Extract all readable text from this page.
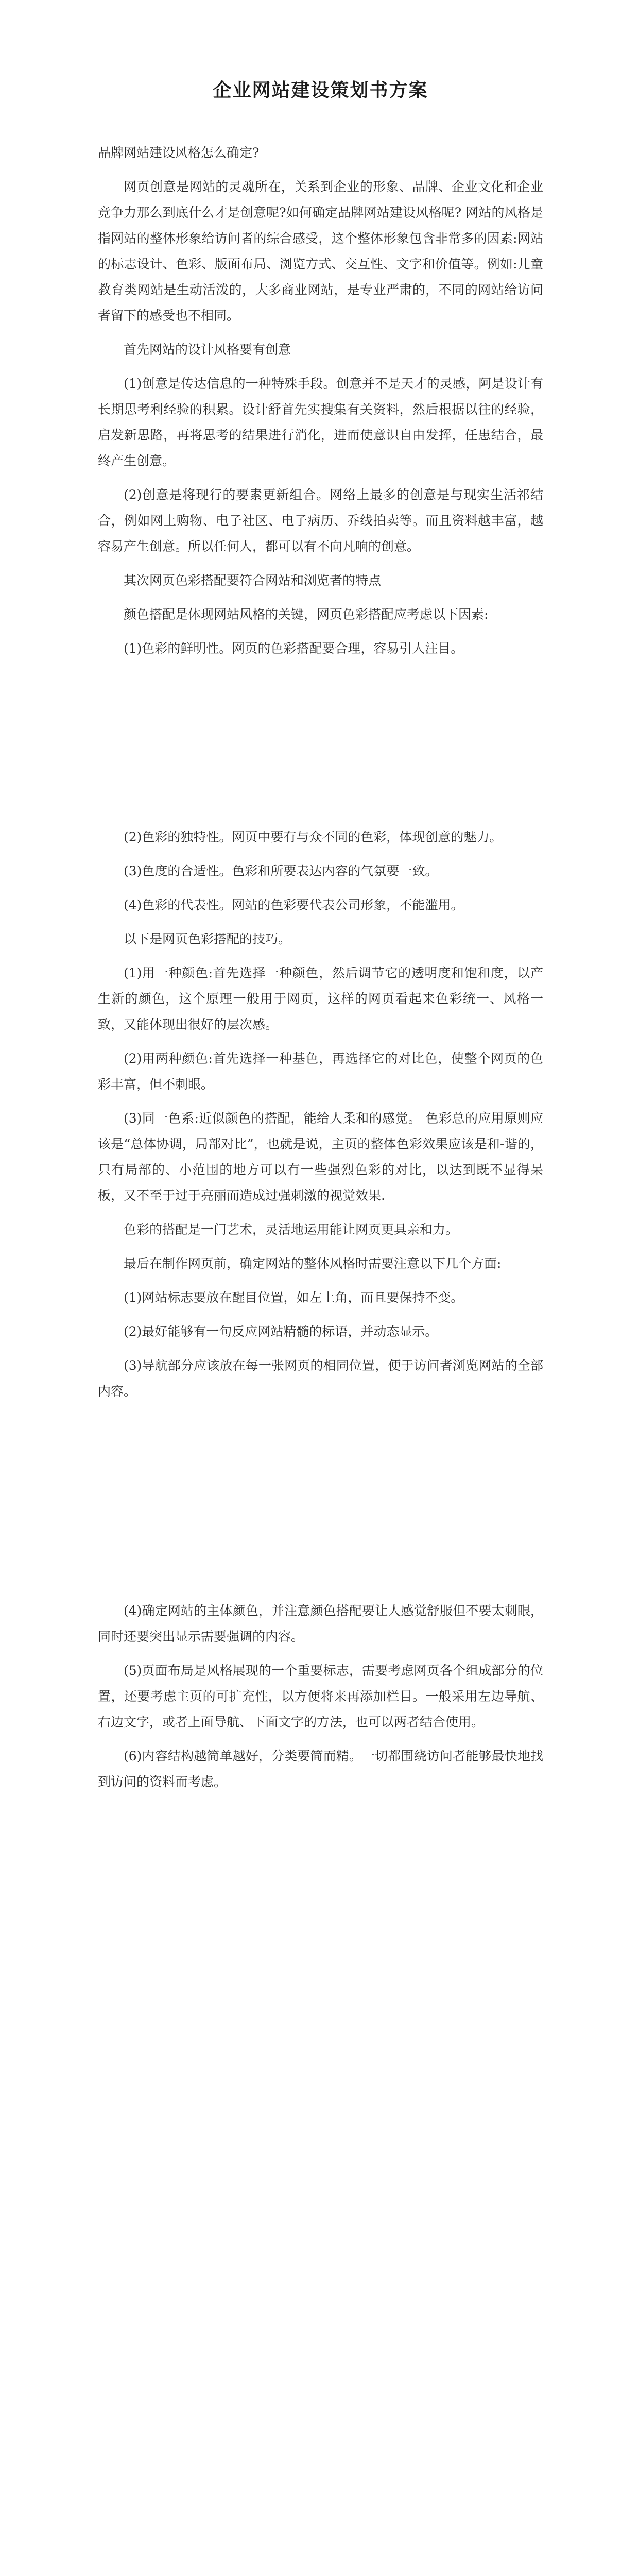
企业网站建设策划书方案

品牌网站建设风格怎么确定?

网页创意是网站的灵魂所在，关系到企业的形象、品牌、企业文化和企业竞争力那么到底什么才是创意呢?如何确定品牌网站建设风格呢? 网站的风格是指网站的整体形象给访问者的综合感受，这个整体形象包含非常多的因素:网站的标志设计、色彩、版面布局、浏览方式、交互性、文字和价值等。例如:儿童教育类网站是生动活泼的，大多商业网站，是专业严肃的，不同的网站给访问者留下的感受也不相同。

首先网站的设计风格要有创意

(1)创意是传达信息的一种特殊手段。创意并不是天才的灵感，阿是设计有长期思考利经验的积累。设计舒首先实搜集有关资料，然后根据以往的经验，启发新思路，再将思考的结果进行消化，进而使意识自由发挥，任患结合，最终产生创意。

(2)创意是将现行的要素更新组合。网络上最多的创意是与现实生活祁结合，例如网上购物、电子社区、电子病历、乔线拍卖等。而且资料越丰富，越容易产生创意。所以任何人，都可以有不向凡响的创意。

其次网页色彩搭配要符合网站和浏览者的特点

颜色搭配是体现网站风格的关键，网页色彩搭配应考虑以下因素:

(1)色彩的鲜明性。网页的色彩搭配要合理，容易引人注目。

(2)色彩的独特性。网页中要有与众不同的色彩，体现创意的魅力。

(3)色度的合适性。色彩和所要表达内容的气氛要一致。

(4)色彩的代表性。网站的色彩要代表公司形象，不能滥用。

以下是网页色彩搭配的技巧。

(1)用一种颜色:首先选择一种颜色，然后调节它的透明度和饱和度，以产生新的颜色，这个原理一般用于网页，这样的网页看起来色彩统一、风格一致，又能体现出很好的层次感。

(2)用两种颜色:首先选择一种基色，再选择它的对比色，使整个网页的色彩丰富，但不刺眼。

(3)同一色系:近似颜色的搭配，能给人柔和的感觉。 色彩总的应用原则应该是“总体协调，局部对比”，也就是说，主页的整体色彩效果应该是和-谐的，只有局部的、小范围的地方可以有一些强烈色彩的对比，以达到既不显得呆板，又不至于过于亮丽而造成过强刺激的视觉效果.

色彩的搭配是一门艺术，灵活地运用能让网页更具亲和力。

最后在制作网页前，确定网站的整体风格时需要注意以下几个方面:

(1)网站标志要放在醒目位置，如左上角，而且要保持不变。

(2)最好能够有一句反应网站精髓的标语，并动态显示。

(3)导航部分应该放在每一张网页的相同位置，便于访问者浏览网站的全部内容。

(4)确定网站的主体颜色，并注意颜色搭配要让人感觉舒服但不要太刺眼，同时还要突出显示需要强调的内容。

(5)页面布局是风格展现的一个重要标志，需要考虑网页各个组成部分的位置，还要考虑主页的可扩充性，以方便将来再添加栏目。一般采用左边导航、右边文字，或者上面导航、下面文字的方法，也可以两者结合使用。

(6)内容结构越简单越好，分类要简而精。一切都围绕访问者能够最快地找到访问的资料而考虑。
